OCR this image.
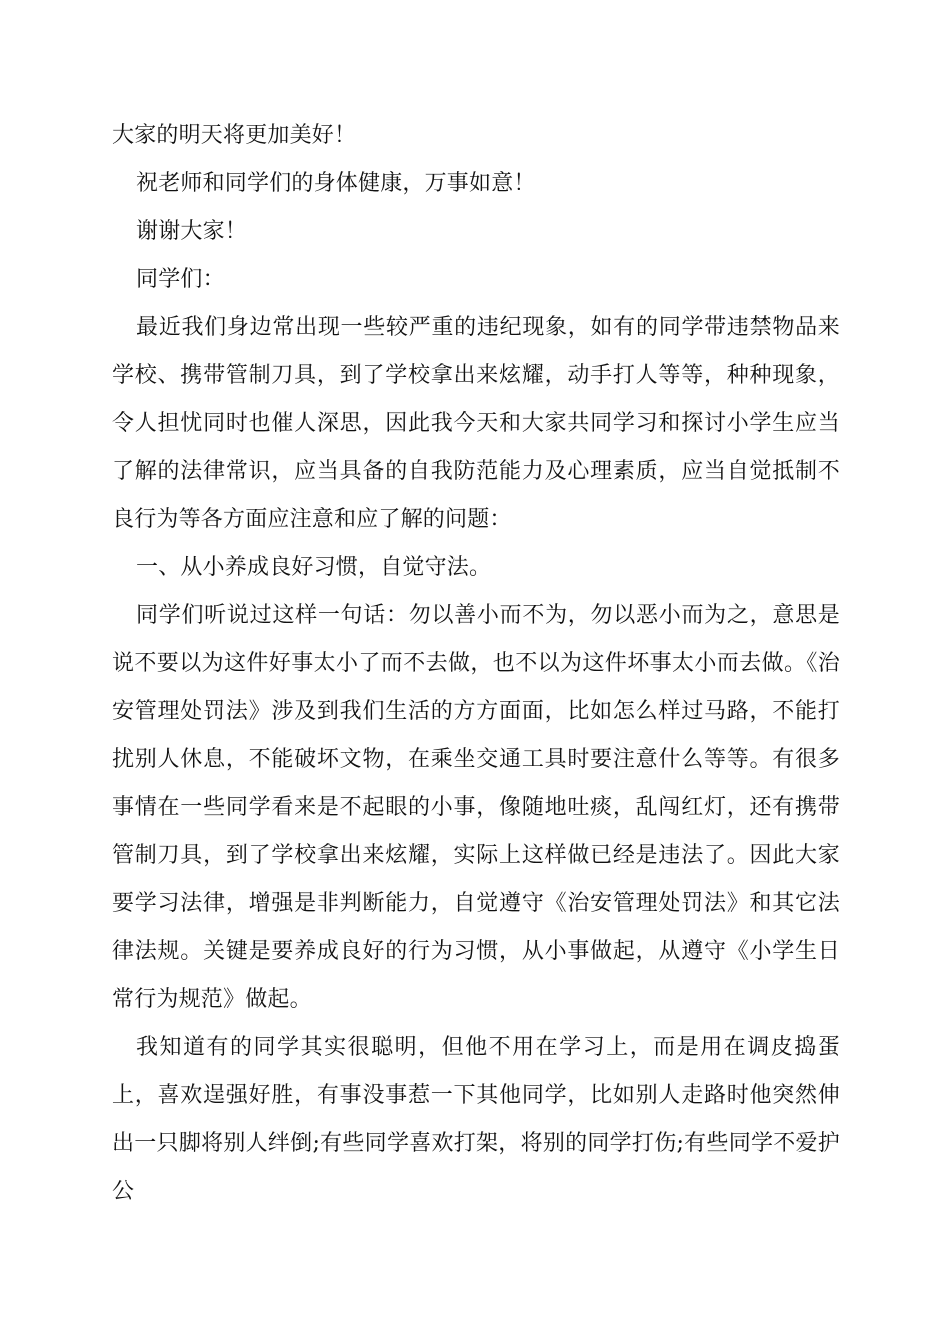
大家的明天将更加美好！

祝老师和同学们的身体健康，万事如意！

谢谢大家！

同学们：

最近我们身边常出现一些较严重的违纪现象，如有的同学带违禁物品来学校、携带管制刀具，到了学校拿出来炫耀，动手打人等等，种种现象，令人担忧同时也催人深思，因此我今天和大家共同学习和探讨小学生应当了解的法律常识，应当具备的自我防范能力及心理素质，应当自觉抵制不良行为等各方面应注意和应了解的问题：

一、从小养成良好习惯，自觉守法。

同学们听说过这样一句话：勿以善小而不为，勿以恶小而为之，意思是说不要以为这件好事太小了而不去做，也不以为这件坏事太小而去做。《治安管理处罚法》涉及到我们生活的方方面面，比如怎么样过马路，不能打扰别人休息，不能破坏文物，在乘坐交通工具时要注意什么等等。有很多事情在一些同学看来是不起眼的小事，像随地吐痰，乱闯红灯，还有携带管制刀具，到了学校拿出来炫耀，实际上这样做已经是违法了。因此大家要学习法律，增强是非判断能力，自觉遵守《治安管理处罚法》和其它法律法规。关键是要养成良好的行为习惯，从小事做起，从遵守《小学生日常行为规范》做起。

我知道有的同学其实很聪明，但他不用在学习上，而是用在调皮捣蛋上，喜欢逞强好胜，有事没事惹一下其他同学，比如别人走路时他突然伸出一只脚将别人绊倒;有些同学喜欢打架，将别的同学打伤;有些同学不爱护公
